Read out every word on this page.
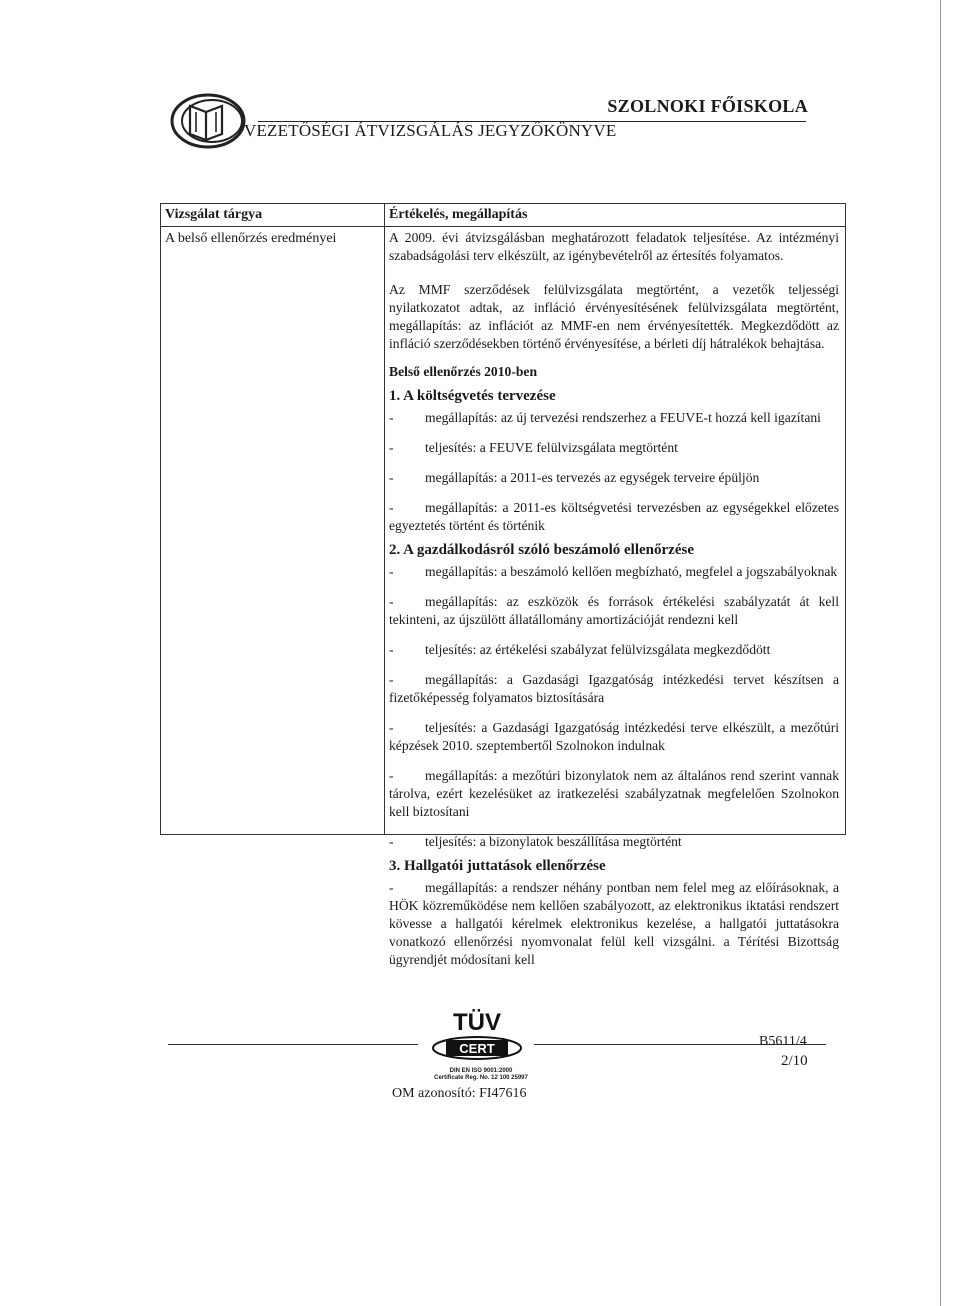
SZOLNOKI FŐISKOLA
VEZETŐSÉGI ÁTVIZSGÁLÁS JEGYZŐKÖNYVE
Vizsgálat tárgya	Értékelés, megállapítás
A belső ellenőrzés eredményei	A 2009. évi átvizsgálásban meghatározott feladatok teljesítése. Az intézményi szabadságolási terv elkészült, az igénybevételről az értesítés folyamatos.

Az MMF szerződések felülvizsgálata megtörtént, a vezetők teljességi nyilatkozatot adtak, az infláció érvényesítésének felülvizsgálata megtörtént, megállapítás: az inflációt az MMF-en nem érvényesítették. Megkezdődött az infláció szerződésekben történő érvényesítése, a bérleti díj hátralékok behajtása.

Belső ellenőrzés 2010-ben

1. A költségvetés tervezése

- megállapítás: az új tervezési rendszerhez a FEUVE-t hozzá kell igazítani

- teljesítés: a FEUVE felülvizsgálata megtörtént

- megállapítás: a 2011-es tervezés az egységek terveire épüljön

- megállapítás: a 2011-es költségvetési tervezésben az egységekkel előzetes egyeztetés történt és történik

2. A gazdálkodásról szóló beszámoló ellenőrzése

- megállapítás: a beszámoló kellően megbízható, megfelel a jogszabályoknak

- megállapítás: az eszközök és források értékelési szabályzatát át kell tekinteni, az újszülött állatállomány amortizációját rendezni kell

- teljesítés: az értékelési szabályzat felülvizsgálata megkezdődött

- megállapítás: a Gazdasági Igazgatóság intézkedési tervet készítsen a fizetőképesség folyamatos biztosítására

- teljesítés: a Gazdasági Igazgatóság intézkedési terve elkészült, a mezőtúri képzések 2010. szeptembertől Szolnokon indulnak

- megállapítás: a mezőtúri bizonylatok nem az általános rend szerint vannak tárolva, ezért kezelésüket az iratkezelési szabályzatnak megfelelően Szolnokon kell biztosítani

- teljesítés: a bizonylatok beszállítása megtörtént

3. Hallgatói juttatások ellenőrzése

- megállapítás: a rendszer néhány pontban nem felel meg az előírásoknak, a HÖK közreműködése nem kellően szabályozott, az elektronikus iktatási rendszert kövesse a hallgatói kérelmek elektronikus kezelése, a hallgatói juttatásokra vonatkozó ellenőrzési nyomvonalat felül kell vizsgálni. a Térítési Bizottság ügyrendjét módosítani kell

TÜV
CERT
DIN EN ISO 9001:2000
Certificate Reg. No. 12 100 25997
OM azonosító: FI47616
B5611/4
2/10
